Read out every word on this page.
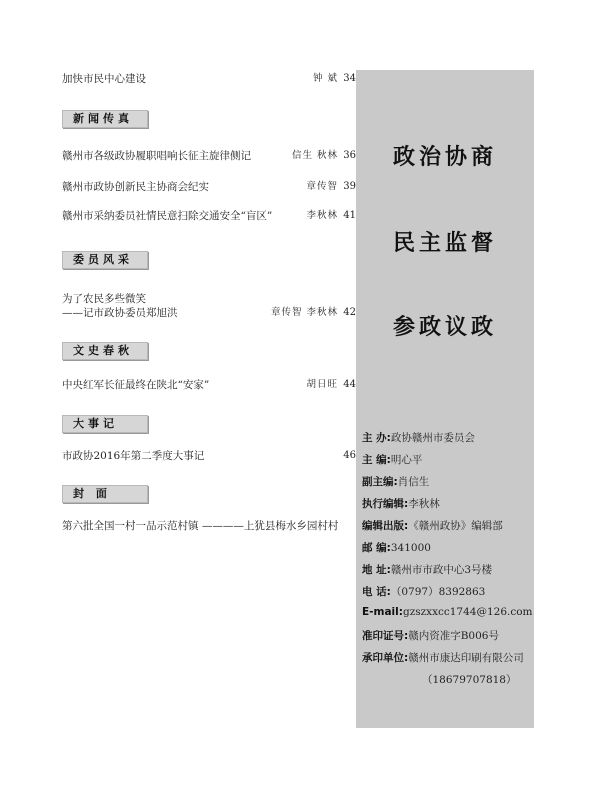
加快市民中心建设	钟 斌 34
新闻传真
赣州市各级政协履职唱响长征主旋律侧记	信生 秋林 36
赣州市政协创新民主协商会纪实	章传智 39
赣州市采纳委员社情民意扫除交通安全“盲区”	李秋林 41
委员风采
为了农民多些微笑
——记市政协委员郑旭洪	章传智 李秋林 42
文史春秋
中央红军长征最终在陕北“安家”	胡日旺 44
大事记
市政协2016年第二季度大事记	46
封 面
第六批全国一村一品示范村镇 ————上犹县梅水乡园村村
政治协商
民主监督
参政议政
主 办:政协赣州市委员会
主 编:明心平
副主编:肖信生
执行编辑:李秋林
编辑出版:《赣州政协》编辑部
邮 编:341000
地 址:赣州市市政中心3号楼
电 话:（0797）8392863
E-mail:gzszxxcc1744@126.com
准印证号:赣内资准字B006号
承印单位:赣州市康达印刷有限公司
（18679707818）
